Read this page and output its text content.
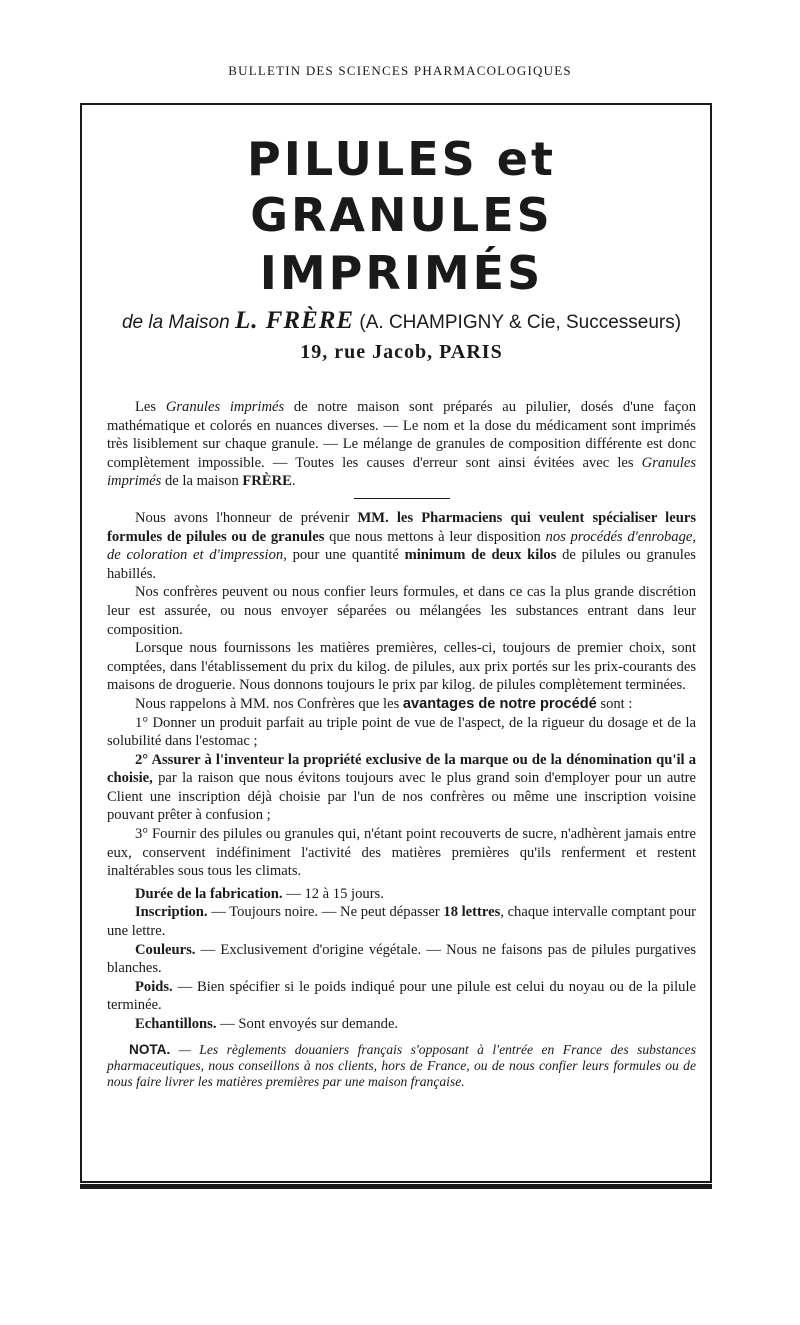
BULLETIN DES SCIENCES PHARMACOLOGIQUES
PILULES et GRANULES
IMPRIMÉS
de la Maison L. FRÈRE (A. CHAMPIGNY & Cie, Successeurs)
19, rue Jacob, PARIS

Les Granules imprimés de notre maison sont préparés au pilulier, dosés d'une façon mathématique et colorés en nuances diverses. — Le nom et la dose du médicament sont imprimés très lisiblement sur chaque granule. — Le mélange de granules de composition différente est donc complètement impossible. — Toutes les causes d'erreur sont ainsi évitées avec les Granules imprimés de la maison FRÈRE.

Nous avons l'honneur de prévenir MM. les Pharmaciens qui veulent spécialiser leurs formules de pilules ou de granules que nous mettons à leur disposition nos procédés d'enrobage, de coloration et d'impression, pour une quantité minimum de deux kilos de pilules ou granules habillés.

Nos confrères peuvent ou nous confier leurs formules, et dans ce cas la plus grande discrétion leur est assurée, ou nous envoyer séparées ou mélangées les substances entrant dans leur composition.

Lorsque nous fournissons les matières premières, celles-ci, toujours de premier choix, sont comptées, dans l'établissement du prix du kilog. de pilules, aux prix portés sur les prix-courants des maisons de droguerie. Nous donnons toujours le prix par kilog. de pilules complètement terminées.

Nous rappelons à MM. nos Confrères que les avantages de notre procédé sont :

1° Donner un produit parfait au triple point de vue de l'aspect, de la rigueur du dosage et de la solubilité dans l'estomac ;

2° Assurer à l'inventeur la propriété exclusive de la marque ou de la dénomination qu'il a choisie, par la raison que nous évitons toujours avec le plus grand soin d'employer pour un autre Client une inscription déjà choisie par l'un de nos confrères ou même une inscription voisine pouvant prêter à confusion ;

3° Fournir des pilules ou granules qui, n'étant point recouverts de sucre, n'adhèrent jamais entre eux, conservent indéfiniment l'activité des matières premières qu'ils renferment et restent inaltérables sous tous les climats.

Durée de la fabrication. — 12 à 15 jours.

Inscription. — Toujours noire. — Ne peut dépasser 18 lettres, chaque intervalle comptant pour une lettre.

Couleurs. — Exclusivement d'origine végétale. — Nous ne faisons pas de pilules purgatives blanches.

Poids. — Bien spécifier si le poids indiqué pour une pilule est celui du noyau ou de la pilule terminée.

Echantillons. — Sont envoyés sur demande.

NOTA. — Les règlements douaniers français s'opposant à l'entrée en France des substances pharmaceutiques, nous conseillons à nos clients, hors de France, ou de nous confier leurs formules ou de nous faire livrer les matières premières par une maison française.
